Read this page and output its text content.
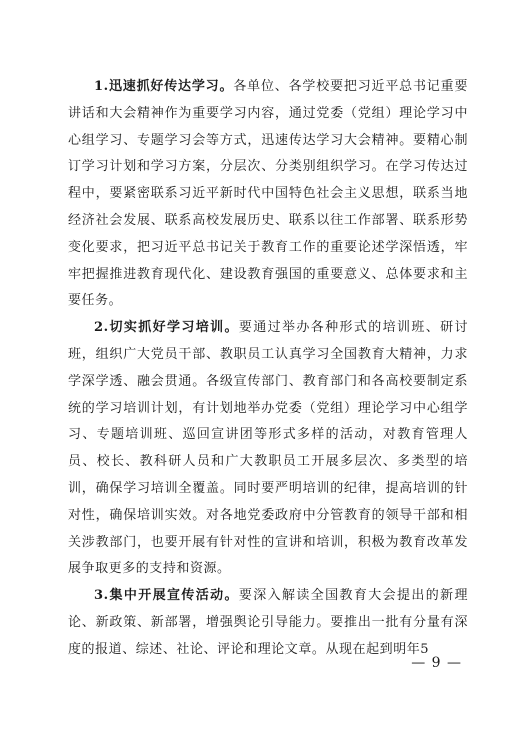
1.迅速抓好传达学习。各单位、各学校要把习近平总书记重要讲话和大会精神作为重要学习内容，通过党委（党组）理论学习中心组学习、专题学习会等方式，迅速传达学习大会精神。要精心制订学习计划和学习方案，分层次、分类别组织学习。在学习传达过程中，要紧密联系习近平新时代中国特色社会主义思想，联系当地经济社会发展、联系高校发展历史、联系以往工作部署、联系形势变化要求，把习近平总书记关于教育工作的重要论述学深悟透，牢牢把握推进教育现代化、建设教育强国的重要意义、总体要求和主要任务。

2.切实抓好学习培训。要通过举办各种形式的培训班、研讨班，组织广大党员干部、教职员工认真学习全国教育大精神，力求学深学透、融会贯通。各级宣传部门、教育部门和各高校要制定系统的学习培训计划，有计划地举办党委（党组）理论学习中心组学习、专题培训班、巡回宣讲团等形式多样的活动，对教育管理人员、校长、教科研人员和广大教职员工开展多层次、多类型的培训，确保学习培训全覆盖。同时要严明培训的纪律，提高培训的针对性，确保培训实效。对各地党委政府中分管教育的领导干部和相关涉教部门，也要开展有针对性的宣讲和培训，积极为教育改革发展争取更多的支持和资源。

3.集中开展宣传活动。要深入解读全国教育大会提出的新理论、新政策、新部署，增强舆论引导能力。要推出一批有分量有深度的报道、综述、社论、评论和理论文章。从现在起到明年5

— 9 —
